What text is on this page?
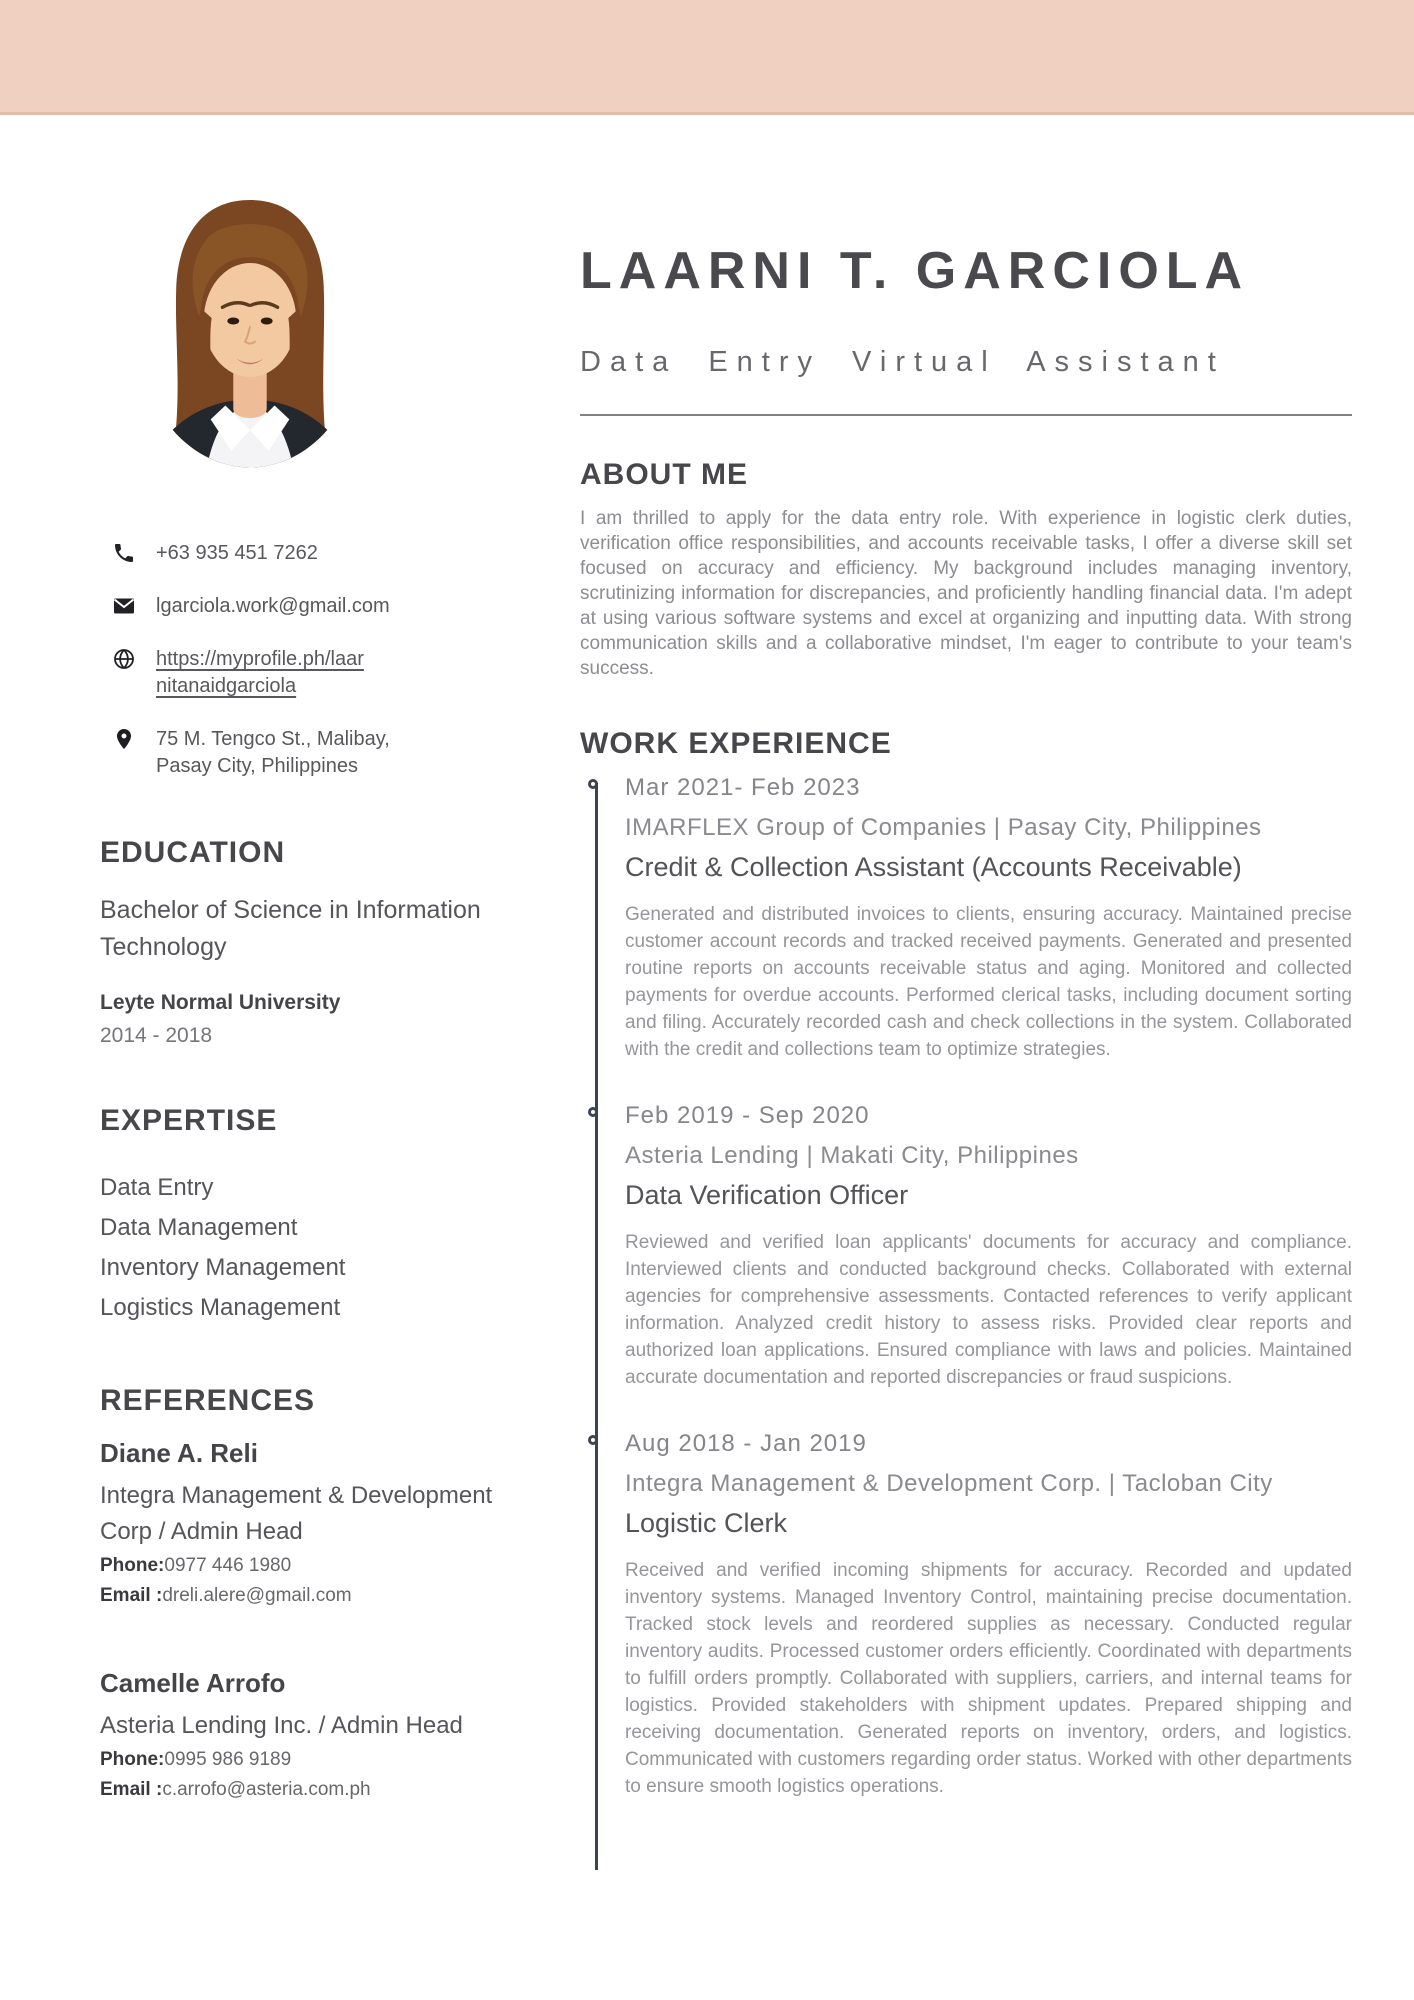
+63 935 451 7262
lgarciola.work@gmail.com
https://myprofile.ph/laar
nitanaidgarciola
75 M. Tengco St., Malibay,
Pasay City, Philippines
EDUCATION
Bachelor of Science in Information Technology
Leyte Normal University
2014 - 2018
EXPERTISE
Data Entry
Data Management
Inventory Management
Logistics Management
REFERENCES
Diane A. Reli
Integra Management & Development Corp / Admin Head
Phone:0977 446 1980
Email :dreli.alere@gmail.com
Camelle Arrofo
Asteria Lending Inc. / Admin Head
Phone:0995 986 9189
Email :c.arrofo@asteria.com.ph
LAARNI T. GARCIOLA
Data Entry Virtual Assistant
ABOUT ME

I am thrilled to apply for the data entry role. With experience in logistic clerk duties, verification office responsibilities, and accounts receivable tasks, I offer a diverse skill set focused on accuracy and efficiency. My background includes managing inventory, scrutinizing information for discrepancies, and proficiently handling financial data. I'm adept at using various software systems and excel at organizing and inputting data. With strong communication skills and a collaborative mindset, I'm eager to contribute to your team's success.

WORK EXPERIENCE
Mar 2021- Feb 2023
IMARFLEX Group of Companies | Pasay City, Philippines
Credit & Collection Assistant (Accounts Receivable)

Generated and distributed invoices to clients, ensuring accuracy. Maintained precise customer account records and tracked received payments. Generated and presented routine reports on accounts receivable status and aging. Monitored and collected payments for overdue accounts. Performed clerical tasks, including document sorting and filing. Accurately recorded cash and check collections in the system. Collaborated with the credit and collections team to optimize strategies.

Feb 2019 - Sep 2020
Asteria Lending | Makati City, Philippines
Data Verification Officer

Reviewed and verified loan applicants' documents for accuracy and compliance. Interviewed clients and conducted background checks. Collaborated with external agencies for comprehensive assessments. Contacted references to verify applicant information. Analyzed credit history to assess risks. Provided clear reports and authorized loan applications. Ensured compliance with laws and policies. Maintained accurate documentation and reported discrepancies or fraud suspicions.

Aug 2018 - Jan 2019
Integra Management & Development Corp. | Tacloban City
Logistic Clerk

Received and verified incoming shipments for accuracy. Recorded and updated inventory systems. Managed Inventory Control, maintaining precise documentation. Tracked stock levels and reordered supplies as necessary. Conducted regular inventory audits. Processed customer orders efficiently. Coordinated with departments to fulfill orders promptly. Collaborated with suppliers, carriers, and internal teams for logistics. Provided stakeholders with shipment updates. Prepared shipping and receiving documentation. Generated reports on inventory, orders, and logistics. Communicated with customers regarding order status. Worked with other departments to ensure smooth logistics operations.
